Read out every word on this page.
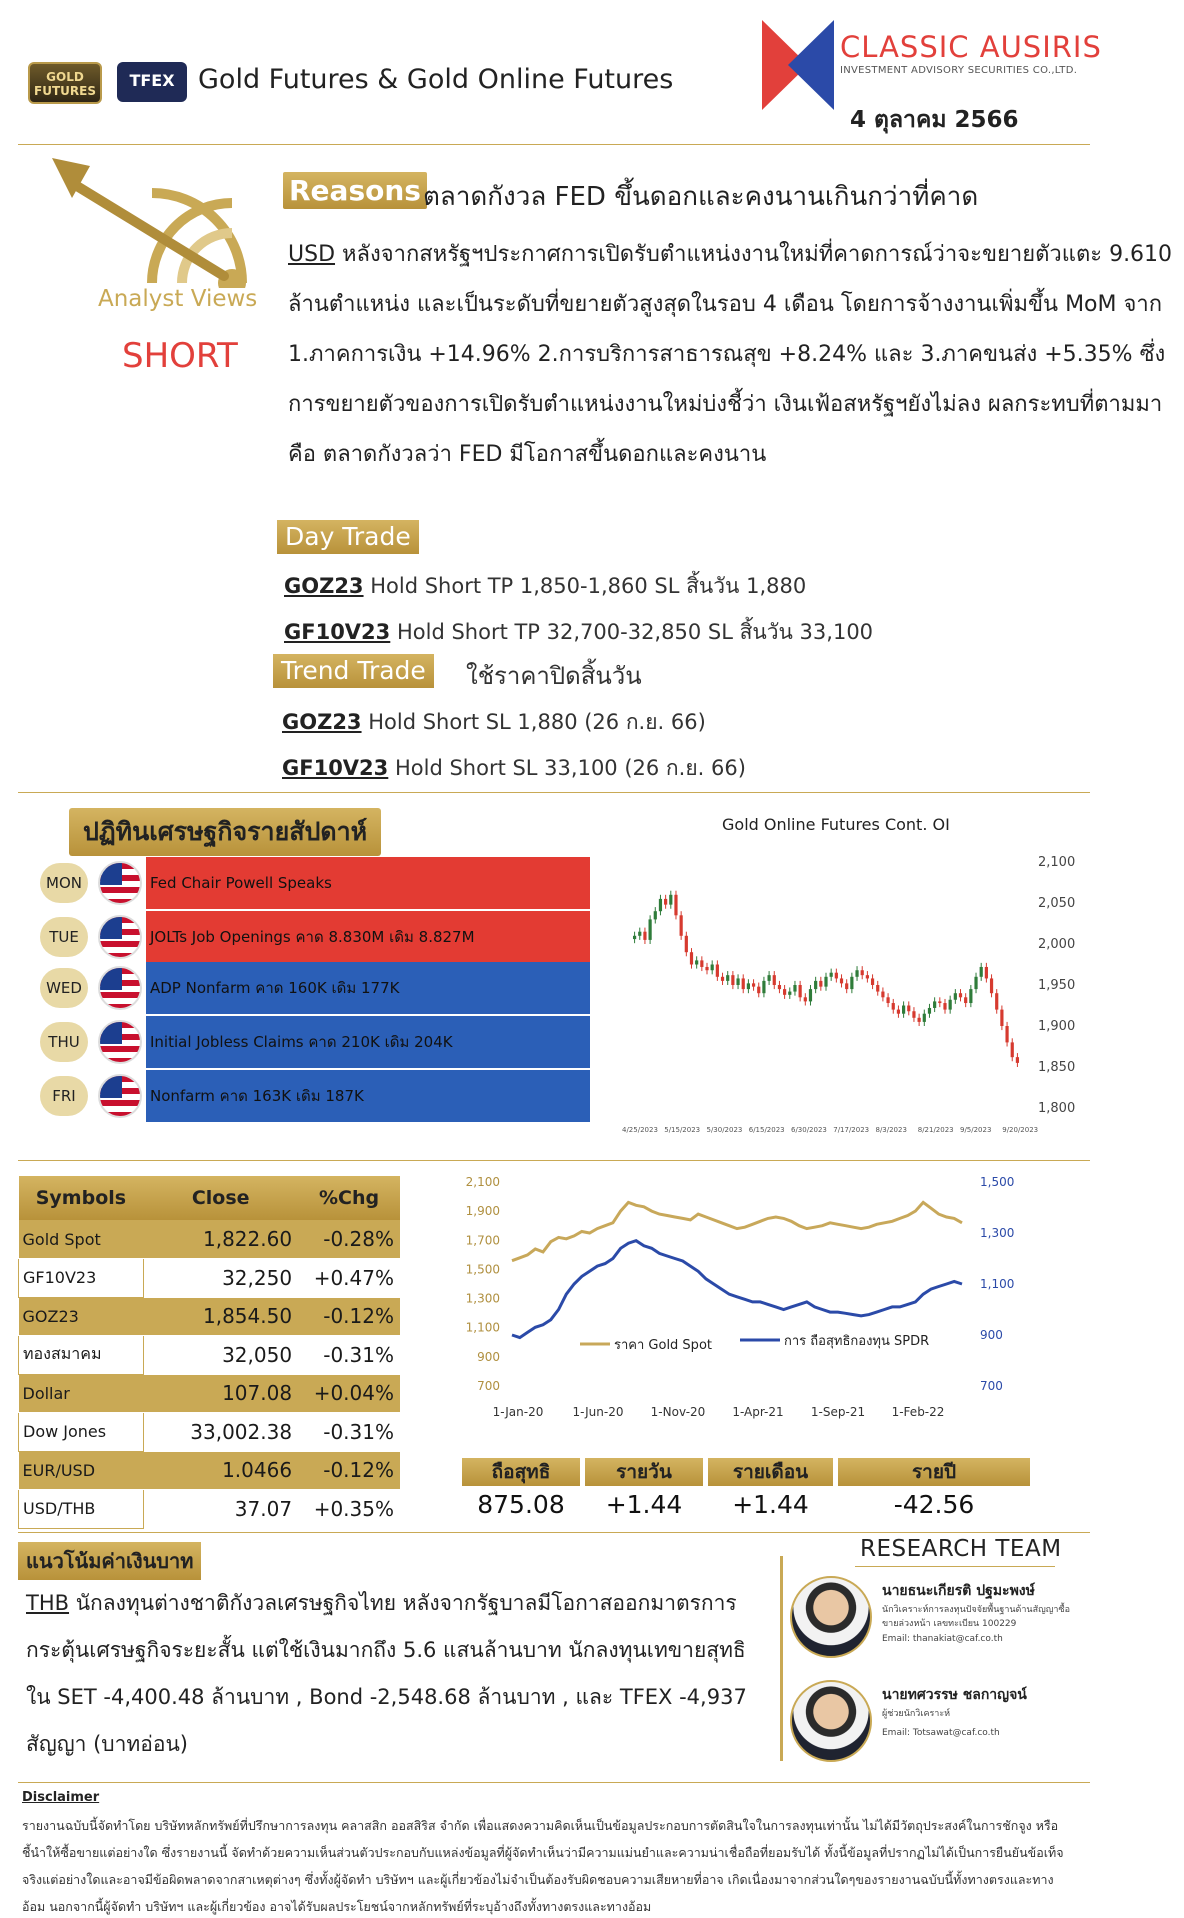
GOLD FUTURES
TFEX Gold Futures & Gold Online Futures
CLASSIC AUSIRIS
INVESTMENT ADVISORY SECURITIES CO.,LTD.
4 ตุลาคม 2566
Analyst Views
SHORT
Reasons ตลาดกังวล FED ขึ้นดอกและคงนานเกินกว่าที่คาด
USD หลังจากสหรัฐฯประกาศการเปิดรับตำแหน่งงานใหม่ที่คาดการณ์ว่าจะขยายตัวแตะ 9.610 ล้านตำแหน่ง และเป็นระดับที่ขยายตัวสูงสุดในรอบ 4 เดือน โดยการจ้างงานเพิ่มขึ้น MoM จาก 1.ภาคการเงิน +14.96% 2.การบริการสาธารณสุข +8.24% และ 3.ภาคขนส่ง +5.35% ซึ่งการขยายตัวของการเปิดรับตำแหน่งงานใหม่บ่งชี้ว่า เงินเฟ้อสหรัฐฯยังไม่ลง ผลกระทบที่ตามมาคือ ตลาดกังวลว่า FED มีโอกาสขึ้นดอกและคงนาน
Day Trade
GOZ23 Hold Short TP 1,850-1,860 SL สิ้นวัน 1,880
GF10V23 Hold Short TP 32,700-32,850 SL สิ้นวัน 33,100
Trend Trade	ใช้ราคาปิดสิ้นวัน
GOZ23 Hold Short SL 1,880 (26 ก.ย. 66)
GF10V23 Hold Short SL 33,100 (26 ก.ย. 66)
ปฏิทินเศรษฐกิจรายสัปดาห์
MON	Fed Chair Powell Speaks
TUE	JOLTs Job Openings คาด 8.830M เดิม 8.827M
WED	ADP Nonfarm คาด 160K เดิม 177K
THU	Initial Jobless Claims คาด 210K เดิม 204K
FRI	Nonfarm คาด 163K เดิม 187K
Gold Online Futures Cont. OI
2,100
2,050
2,000
1,950
1,900
1,850
1,800
4/25/2023 5/15/2023 5/30/2023 6/15/2023 6/30/2023 7/17/2023 8/3/2023 8/21/2023 9/5/2023 9/20/2023
Symbols	Close	%Chg
Gold Spot	1,822.60	-0.28%
GF10V23	32,250	+0.47%
GOZ23	1,854.50	-0.12%
ทองสมาคม	32,050	-0.31%
Dollar	107.08	+0.04%
Dow Jones	33,002.38	-0.31%
EUR/USD	1.0466	-0.12%
USD/THB	37.07	+0.35%
2,100
1,900
1,700
1,500
1,300
1,100
900
700
1,500
1,300
1,100
900
700
ราคา Gold Spot	การ ถือสุทธิกองทุน SPDR
1-Jan-20 1-Jun-20 1-Nov-20 1-Apr-21 1-Sep-21 1-Feb-22
ถือสุทธิ	รายวัน	รายเดือน	รายปี
875.08	+1.44	+1.44	-42.56
แนวโน้มค่าเงินบาท
THB นักลงทุนต่างชาติกังวลเศรษฐกิจไทย หลังจากรัฐบาลมีโอกาสออกมาตรการกระตุ้นเศรษฐกิจระยะสั้น แต่ใช้เงินมากถึง 5.6 แสนล้านบาท นักลงทุนเทขายสุทธิใน SET -4,400.48 ล้านบาท , Bond -2,548.68 ล้านบาท , และ TFEX -4,937 สัญญา (บาทอ่อน)
RESEARCH TEAM
นายธนะเกียรติ ปฐมะพงษ์
นักวิเคราะห์การลงทุนปัจจัยพื้นฐานด้านสัญญาซื้อ
ขายล่วงหน้า เลขทะเบียน 100229
Email: thanakiat@caf.co.th
นายทศวรรษ ชลกาญจน์
ผู้ช่วยนักวิเคราะห์
Email: Totsawat@caf.co.th
Disclaimer
รายงานฉบับนี้จัดทำโดย บริษัทหลักทรัพย์ที่ปรึกษาการลงทุน คลาสสิก ออสสิริส จำกัด เพื่อแสดงความคิดเห็นเป็นข้อมูลประกอบการตัดสินใจในการลงทุนเท่านั้น ไม่ได้มีวัตถุประสงค์ในการชักจูง หรือชี้นำให้ซื้อขายแต่อย่างใด ซึ่งรายงานนี้ จัดทำด้วยความเห็นส่วนตัวประกอบกับแหล่งข้อมูลที่ผู้จัดทำเห็นว่ามีความแม่นยำและความน่าเชื่อถือที่ยอมรับได้ ทั้งนี้ข้อมูลที่ปรากฏไม่ได้เป็นการยืนยันข้อเท็จจริงแต่อย่างใดและอาจมีข้อผิดพลาดจากสาเหตุต่างๆ ซึ่งทั้งผู้จัดทำ บริษัทฯ และผู้เกี่ยวข้องไม่จำเป็นต้องรับผิดชอบความเสียหายที่อาจ เกิดเนื่องมาจากส่วนใดๆของรายงานฉบับนี้ทั้งทางตรงและทางอ้อม นอกจากนี้ผู้จัดทำ บริษัทฯ และผู้เกี่ยวข้อง อาจได้รับผลประโยชน์จากหลักทรัพย์ที่ระบุอ้างถึงทั้งทางตรงและทางอ้อม
